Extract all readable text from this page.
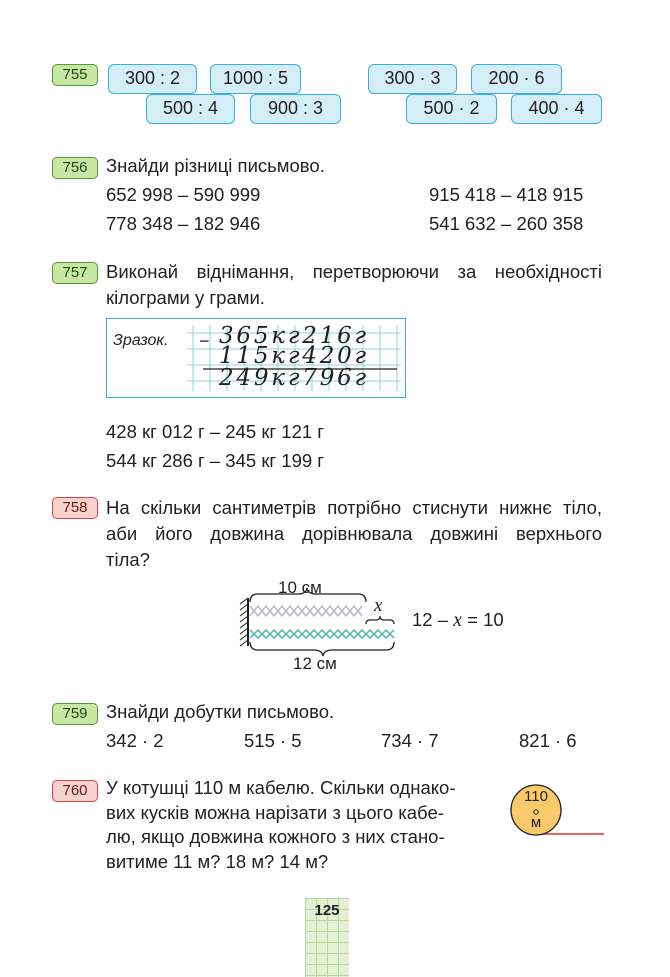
755	300 : 2	1000 : 5	300 · 3	200 · 6
500 : 4	900 : 3	500 · 2	400 · 4
756 Знайди різниці письмово.
652 998 – 590 999	915 418 – 418 915
778 348 – 182 946	541 632 – 260 358
757 Виконай віднімання, перетворюючи за необхідності
кілограми у грами.
Зразок. − 365кг216г
115кг420г
249кг796г
428 кг 012 г – 245 кг 121 г
544 кг 286 г – 345 кг 199 г
758 На скільки сантиметрів потрібно стиснути нижнє тіло,
аби його довжина дорівнювала довжині верхнього
тіла?
10 см
x
12 см
12 – x = 10
759 Знайди добутки письмово.
342 · 2	515 · 5	734 · 7	821 · 6
760 У котушці 110 м кабелю. Скільки однако-
вих кусків можна нарізати з цього кабе-
лю, якщо довжина кожного з них стано-
витиме 11 м? 18 м? 14 м?
110
м
125
